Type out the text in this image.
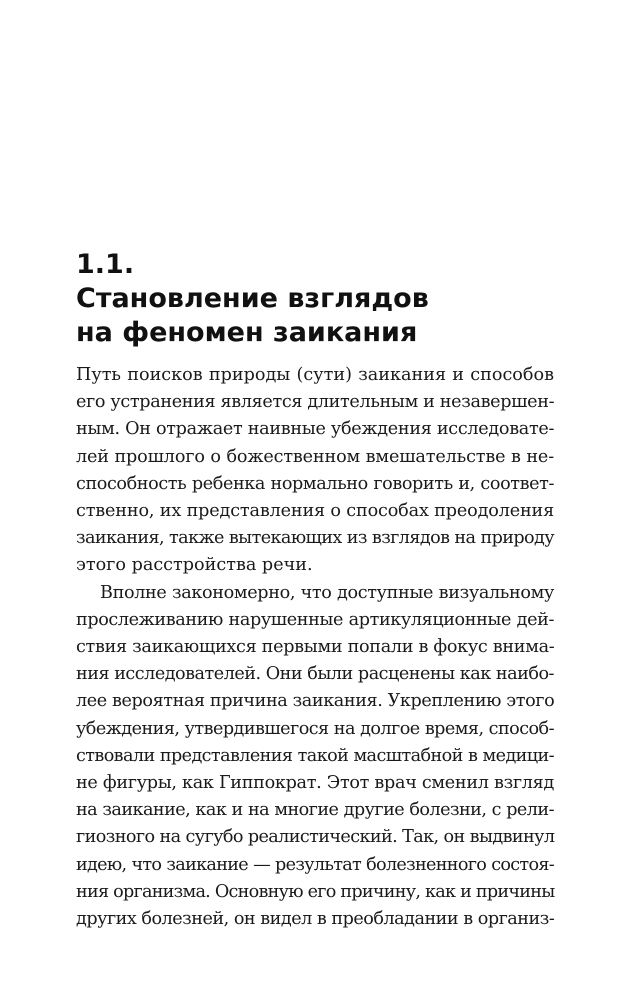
1.1.
Становление взглядов
на феномен заикания

Путь поисков природы (сути) заикания и способов
его устранения является длительным и незавершен-
ным. Он отражает наивные убеждения исследовате-
лей прошлого о божественном вмешательстве в не-
способность ребенка нормально говорить и, соответ-
ственно, их представления о способах преодоления
заикания, также вытекающих из взглядов на природу
этого расстройства речи.

Вполне закономерно, что доступные визуальному
прослеживанию нарушенные артикуляционные дей-
ствия заикающихся первыми попали в фокус внима-
ния исследователей. Они были расценены как наибо-
лее вероятная причина заикания. Укреплению этого
убеждения, утвердившегося на долгое время, способ-
ствовали представления такой масштабной в медици-
не фигуры, как Гиппократ. Этот врач сменил взгляд
на заикание, как и на многие другие болезни, с рели-
гиозного на сугубо реалистический. Так, он выдвинул
идею, что заикание — результат болезненного состоя-
ния организма. Основную его причину, как и причины
других болезней, он видел в преобладании в организ-
